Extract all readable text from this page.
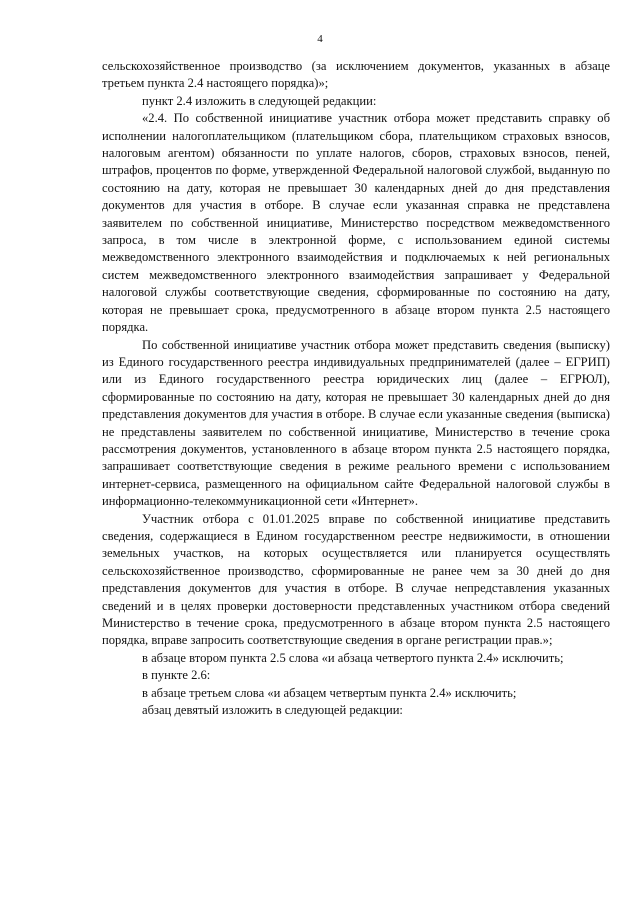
4

сельскохозяйственное производство (за исключением документов, указанных в абзаце третьем пункта 2.4 настоящего порядка)»;

пункт 2.4 изложить в следующей редакции:

«2.4. По собственной инициативе участник отбора может представить справку об исполнении налогоплательщиком (плательщиком сбора, плательщиком страховых взносов, налоговым агентом) обязанности по уплате налогов, сборов, страховых взносов, пеней, штрафов, процентов по форме, утвержденной Федеральной налоговой службой, выданную по состоянию на дату, которая не превышает 30 календарных дней до дня представления документов для участия в отборе. В случае если указанная справка не представлена заявителем по собственной инициативе, Министерство посредством межведомственного запроса, в том числе в электронной форме, с использованием единой системы межведомственного электронного взаимодействия и подключаемых к ней региональных систем межведомственного электронного взаимодействия запрашивает у Федеральной налоговой службы соответствующие сведения, сформированные по состоянию на дату, которая не превышает срока, предусмотренного в абзаце втором пункта 2.5 настоящего порядка.

По собственной инициативе участник отбора может представить сведения (выписку) из Единого государственного реестра индивидуальных предпринимателей (далее – ЕГРИП) или из Единого государственного реестра юридических лиц (далее – ЕГРЮЛ), сформированные по состоянию на дату, которая не превышает 30 календарных дней до дня представления документов для участия в отборе. В случае если указанные сведения (выписка) не представлены заявителем по собственной инициативе, Министерство в течение срока рассмотрения документов, установленного в абзаце втором пункта 2.5 настоящего порядка, запрашивает соответствующие сведения в режиме реального времени с использованием интернет-сервиса, размещенного на официальном сайте Федеральной налоговой службы в информационно-телекоммуникационной сети «Интернет».

Участник отбора с 01.01.2025 вправе по собственной инициативе представить сведения, содержащиеся в Едином государственном реестре недвижимости, в отношении земельных участков, на которых осуществляется или планируется осуществлять сельскохозяйственное производство, сформированные не ранее чем за 30 дней до дня представления документов для участия в отборе. В случае непредставления указанных сведений и в целях проверки достоверности представленных участником отбора сведений Министерство в течение срока, предусмотренного в абзаце втором пункта 2.5 настоящего порядка, вправе запросить соответствующие сведения в органе регистрации прав.»;

в абзаце втором пункта 2.5 слова «и абзаца четвертого пункта 2.4» исключить;

в пункте 2.6:

в абзаце третьем слова «и абзацем четвертым пункта 2.4» исключить;

абзац девятый изложить в следующей редакции:
